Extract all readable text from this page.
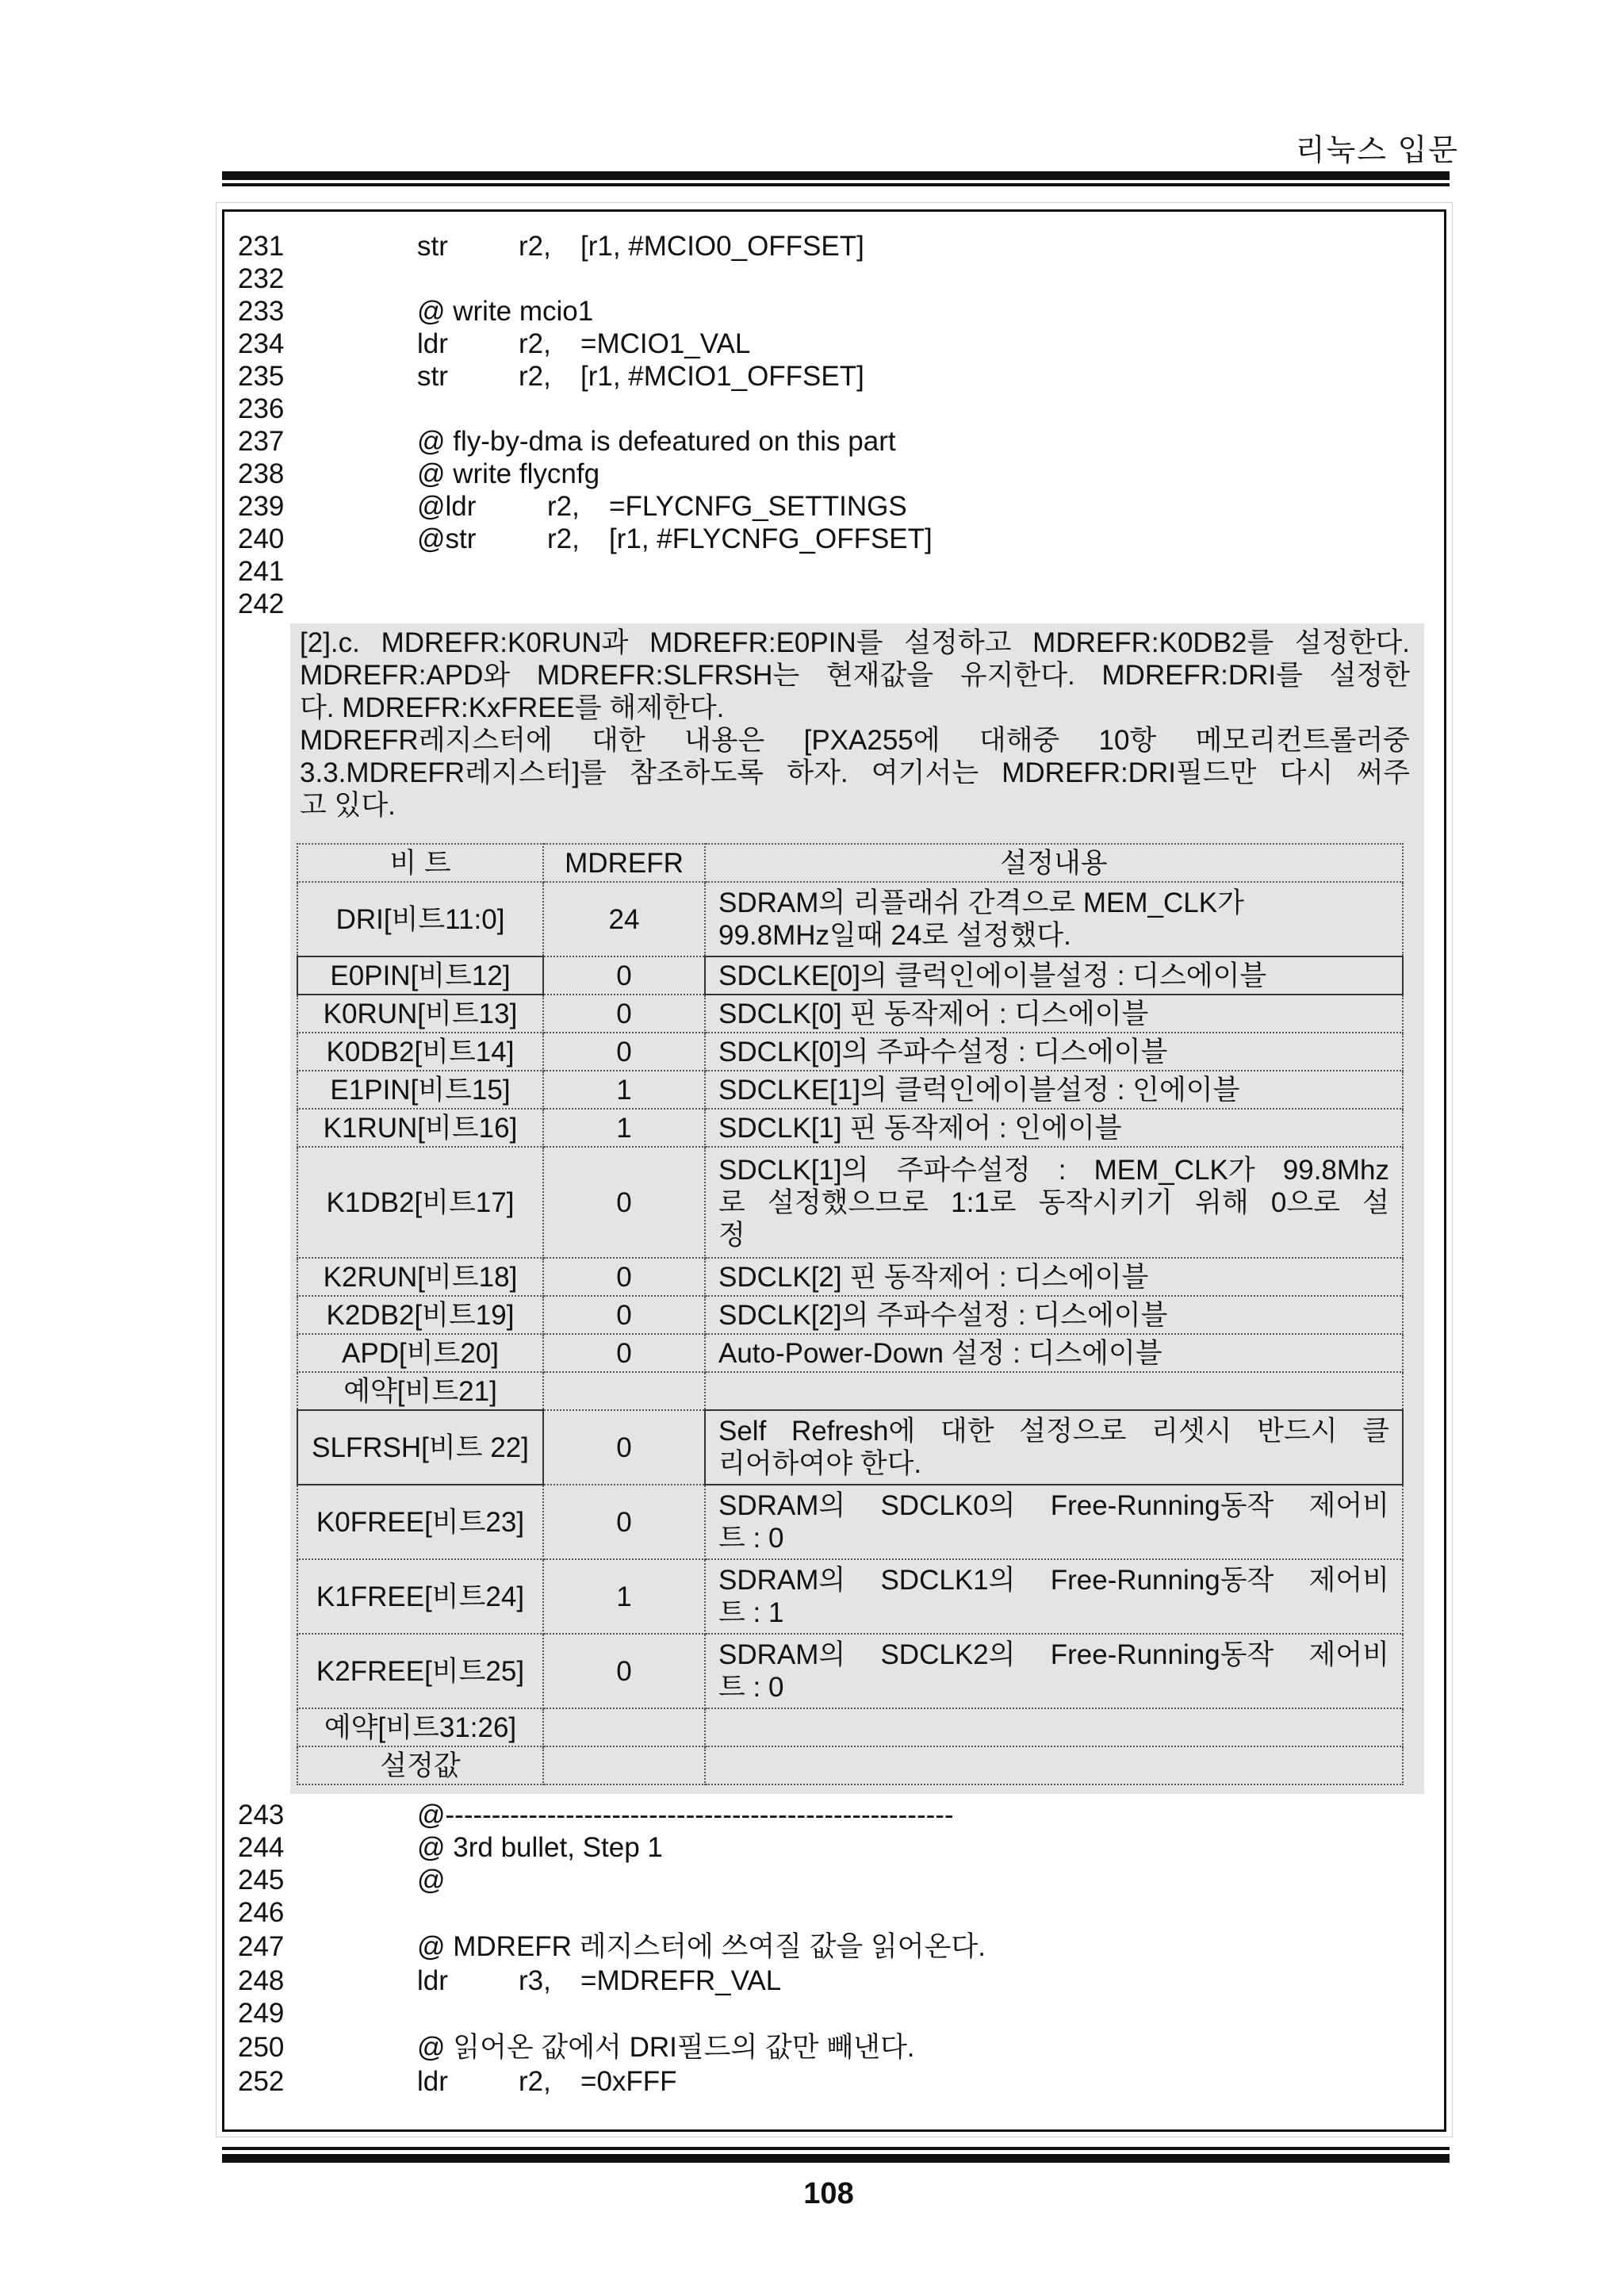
리눅스 입문

231	str	r2, [r1, #MCIO0_OFFSET]

232

233	@ write mcio1

234	ldr	r2, =MCIO1_VAL

235	str	r2, [r1, #MCIO1_OFFSET]

236

237	@ fly-by-dma is defeatured on this part

238	@ write flycnfg

239	@ldr	r2, =FLYCNFG_SETTINGS

240	@str	r2, [r1, #FLYCNFG_OFFSET]

241

242

[2].c. MDREFR:K0RUN과 MDREFR:E0PIN를 설정하고 MDREFR:K0DB2를 설정한다.

MDREFR:APD와 MDREFR:SLFRSH는 현재값을 유지한다. MDREFR:DRI를 설정한

다. MDREFR:KxFREE를 해제한다.

MDREFR레지스터에 대한 내용은 [PXA255에 대해중 10항 메모리컨트롤러중

3.3.MDREFR레지스터]를 참조하도록 하자. 여기서는 MDREFR:DRI필드만 다시 써주

고 있다.

비 트	MDREFR	설정내용
DRI[비트11:0]	24	SDRAM의 리플래쉬 간격으로 MEM_CLK가
99.8MHz일때 24로 설정했다.

E0PIN[비트12]	0	SDCLKE[0]의 클럭인에이블설정 : 디스에이블
K0RUN[비트13]	0	SDCLK[0] 핀 동작제어 : 디스에이블
K0DB2[비트14]	0	SDCLK[0]의 주파수설정 : 디스에이블
E1PIN[비트15]	1	SDCLKE[1]의 클럭인에이블설정 : 인에이블
K1RUN[비트16]	1	SDCLK[1] 핀 동작제어 : 인에이블
K1DB2[비트17]	0	SDCLK[1]의 주파수설정 : MEM_CLK가 99.8Mhz
로 설정했으므로 1:1로 동작시키기 위해 0으로 설
정

K2RUN[비트18]	0	SDCLK[2] 핀 동작제어 : 디스에이블
K2DB2[비트19]	0	SDCLK[2]의 주파수설정 : 디스에이블
APD[비트20]	0	Auto-Power-Down 설정 : 디스에이블
예약[비트21]		
SLFRSH[비트 22]	0	Self Refresh에 대한 설정으로 리셋시 반드시 클
리어하여야 한다.

K0FREE[비트23]	0	SDRAM의 SDCLK0의 Free-Running동작 제어비
트 : 0

K1FREE[비트24]	1	SDRAM의 SDCLK1의 Free-Running동작 제어비
트 : 1

K2FREE[비트25]	0	SDRAM의 SDCLK2의 Free-Running동작 제어비
트 : 0

예약[비트31:26]		
설정값		

243	@-------------------------------------------------------

244	@ 3rd bullet, Step 1

245	@

246

247	@ MDREFR 레지스터에 쓰여질 값을 읽어온다.

248	ldr	r3, =MDREFR_VAL

249

250	@ 읽어온 값에서 DRI필드의 값만 빼낸다.

252	ldr	r2, =0xFFF

108
